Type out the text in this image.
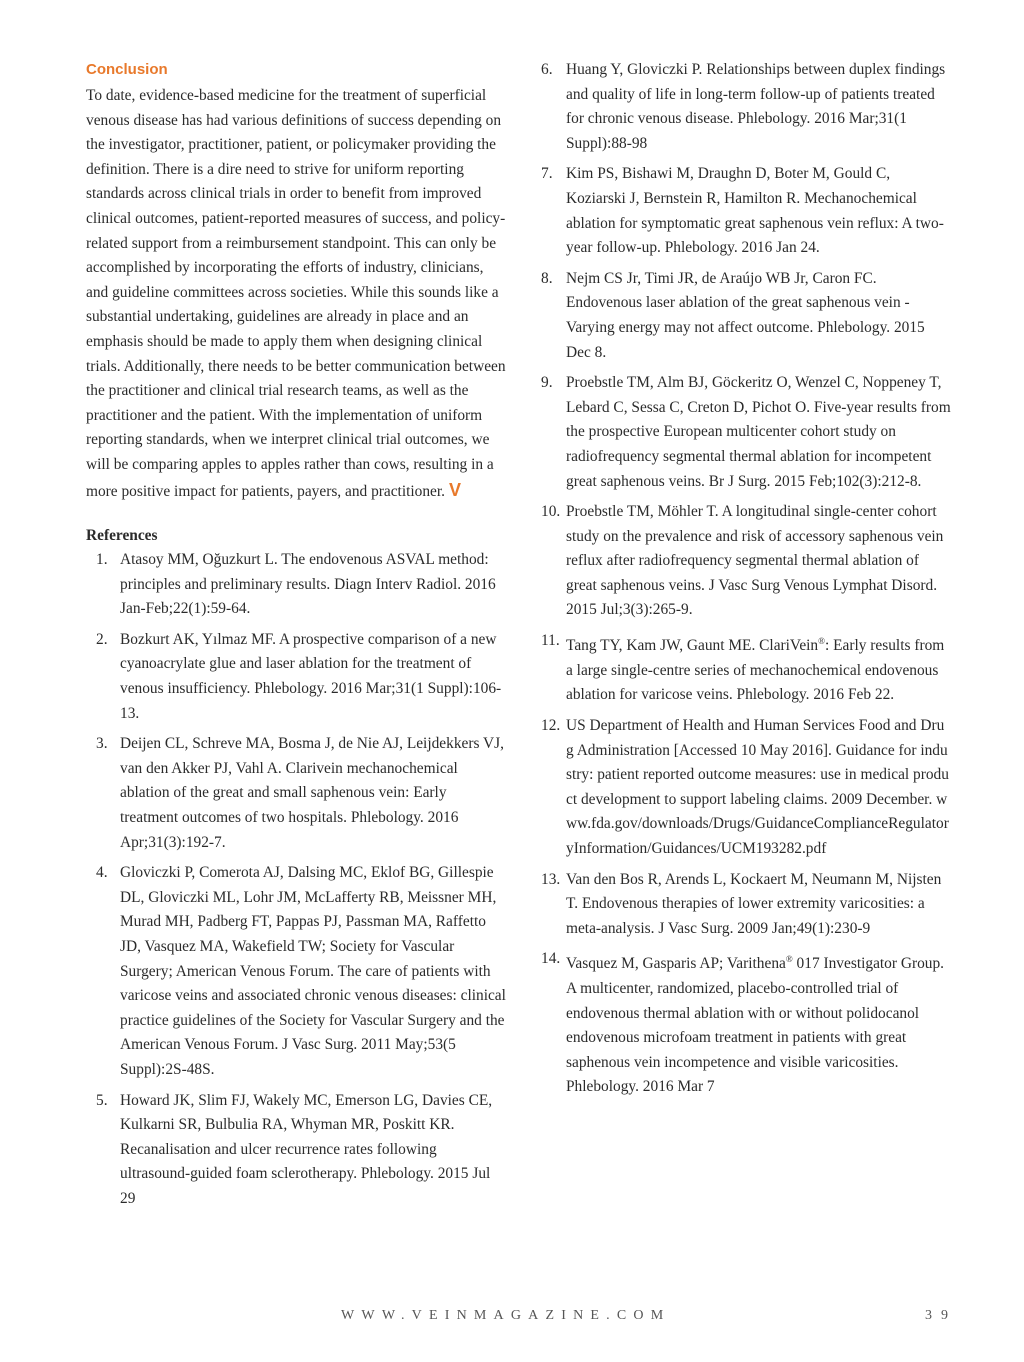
Conclusion

To date, evidence-based medicine for the treatment of superficial venous disease has had various definitions of success depending on the investigator, practitioner, patient, or policymaker providing the definition. There is a dire need to strive for uniform reporting standards across clinical trials in order to benefit from improved clinical outcomes, patient-reported measures of success, and policy-related support from a reimbursement standpoint. This can only be accomplished by incorporating the efforts of industry, clinicians, and guideline committees across societies. While this sounds like a substantial undertaking, guidelines are already in place and an emphasis should be made to apply them when designing clinical trials. Additionally, there needs to be better communication between the practitioner and clinical trial research teams, as well as the practitioner and the patient. With the implementation of uniform reporting standards, when we interpret clinical trial outcomes, we will be comparing apples to apples rather than cows, resulting in a more positive impact for patients, payers, and practitioner. V

References
1. Atasoy MM, Oğuzkurt L. The endovenous ASVAL method: principles and preliminary results. Diagn Interv Radiol. 2016 Jan-Feb;22(1):59-64.
2. Bozkurt AK, Yılmaz MF. A prospective comparison of a new cyanoacrylate glue and laser ablation for the treatment of venous insufficiency. Phlebology. 2016 Mar;31(1 Suppl):106-13.
3. Deijen CL, Schreve MA, Bosma J, de Nie AJ, Leijdekkers VJ, van den Akker PJ, Vahl A. Clarivein mechanochemical ablation of the great and small saphenous vein: Early treatment outcomes of two hospitals. Phlebology. 2016 Apr;31(3):192-7.
4. Gloviczki P, Comerota AJ, Dalsing MC, Eklof BG, Gillespie DL, Gloviczki ML, Lohr JM, McLafferty RB, Meissner MH, Murad MH, Padberg FT, Pappas PJ, Passman MA, Raffetto JD, Vasquez MA, Wakefield TW; Society for Vascular Surgery; American Venous Forum. The care of patients with varicose veins and associated chronic venous diseases: clinical practice guidelines of the Society for Vascular Surgery and the American Venous Forum. J Vasc Surg. 2011 May;53(5 Suppl):2S-48S.
5. Howard JK, Slim FJ, Wakely MC, Emerson LG, Davies CE, Kulkarni SR, Bulbulia RA, Whyman MR, Poskitt KR. Recanalisation and ulcer recurrence rates following ultrasound-guided foam sclerotherapy. Phlebology. 2015 Jul 29
6. Huang Y, Gloviczki P. Relationships between duplex findings and quality of life in long-term follow-up of patients treated for chronic venous disease. Phlebology. 2016 Mar;31(1 Suppl):88-98
7. Kim PS, Bishawi M, Draughn D, Boter M, Gould C, Koziarski J, Bernstein R, Hamilton R. Mechanochemical ablation for symptomatic great saphenous vein reflux: A two-year follow-up. Phlebology. 2016 Jan 24.
8. Nejm CS Jr, Timi JR, de Araújo WB Jr, Caron FC. Endovenous laser ablation of the great saphenous vein - Varying energy may not affect outcome. Phlebology. 2015 Dec 8.
9. Proebstle TM, Alm BJ, Göckeritz O, Wenzel C, Noppeney T, Lebard C, Sessa C, Creton D, Pichot O. Five-year results from the prospective European multicenter cohort study on radiofrequency segmental thermal ablation for incompetent great saphenous veins. Br J Surg. 2015 Feb;102(3):212-8.
10. Proebstle TM, Möhler T. A longitudinal single-center cohort study on the prevalence and risk of accessory saphenous vein reflux after radiofrequency segmental thermal ablation of great saphenous veins. J Vasc Surg Venous Lymphat Disord. 2015 Jul;3(3):265-9.
11. Tang TY, Kam JW, Gaunt ME. ClariVein®: Early results from a large single-centre series of mechanochemical endovenous ablation for varicose veins. Phlebology. 2016 Feb 22.
12. US Department of Health and Human Services Food and Drug Administration [Accessed 10 May 2016]. Guidance for industry: patient reported outcome measures: use in medical product development to support labeling claims. 2009 December. www.fda.gov/downloads/Drugs/GuidanceComplianceRegulatoryInformation/Guidances/UCM193282.pdf
13. Van den Bos R, Arends L, Kockaert M, Neumann M, Nijsten T. Endovenous therapies of lower extremity varicosities: a meta-analysis. J Vasc Surg. 2009 Jan;49(1):230-9
14. Vasquez M, Gasparis AP; Varithena® 017 Investigator Group. A multicenter, randomized, placebo-controlled trial of endovenous thermal ablation with or without polidocanol endovenous microfoam treatment in patients with great saphenous vein incompetence and visible varicosities. Phlebology. 2016 Mar 7
WWW.VEINMAGAZINE.COM	39
